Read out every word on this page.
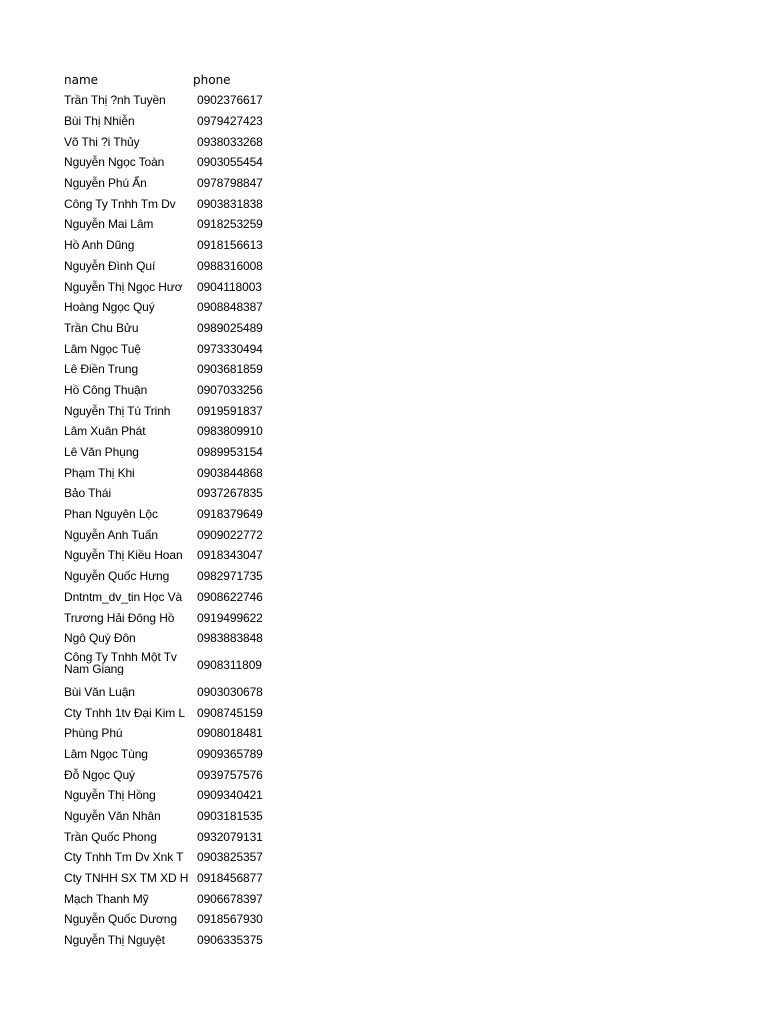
name	phone
Trần Thị ?nh Tuyền	0902376617
Bùi Thị Nhiễn	0979427423
Võ Thi ?i Thủy	0938033268
Nguyễn Ngọc Toàn	0903055454
Nguyễn Phú Ẩn	0978798847
Công Ty Tnhh Tm Dv	0903831838
Nguyễn Mai Lâm	0918253259
Hồ Anh Dũng	0918156613
Nguyễn Đình Quí	0988316008
Nguyễn Thị Ngọc Hươ	0904118003
Hoàng Ngọc Quý	0908848387
Trần Chu Bửu	0989025489
Lâm Ngọc Tuệ	0973330494
Lê Điền Trung	0903681859
Hồ Công Thuận	0907033256
Nguyễn Thị Tú Trinh	0919591837
Lâm Xuân Phát	0983809910
Lê Văn Phụng	0989953154
Phạm Thị Khi	0903844868
Bảo Thái	0937267835
Phan Nguyên Lộc	0918379649
Nguyễn Anh Tuấn	0909022772
Nguyễn Thị Kiều Hoan	0918343047
Nguyễn Quốc Hưng	0982971735
Dntntm_dv_tin Học Và	0908622746
Trương Hải Đông Hồ	0919499622
Ngô Quý Đôn	0983883848
Công Ty Tnhh Một Tv Nam Giang	0908311809
Bùi Văn Luận	0903030678
Cty Tnhh 1tv Đại Kim L	0908745159
Phùng Phú	0908018481
Lâm Ngọc Tùng	0909365789
Đỗ Ngọc Quý	0939757576
Nguyễn Thị Hồng	0909340421
Nguyễn Văn Nhân	0903181535
Trần Quốc Phong	0932079131
Cty Tnhh Tm Dv Xnk T	0903825357
Cty TNHH SX TM XD H 0918456877
Mạch Thanh Mỹ	0906678397
Nguyễn Quốc Dương	0918567930
Nguyễn Thị Nguyệt	0906335375
